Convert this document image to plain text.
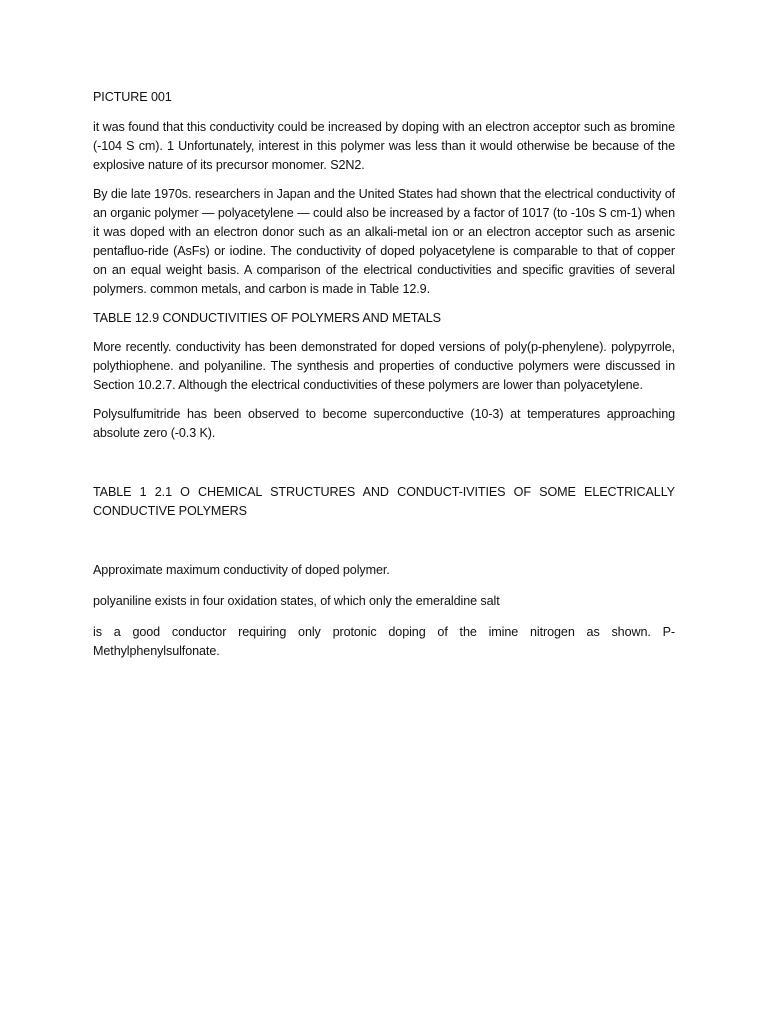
PICTURE 001

it was found that this conductivity could be increased by doping with an electron acceptor such as bromine (-104 S cm). 1 Unfortunately, interest in this polymer was less than it would otherwise be because of the explosive nature of its precursor monomer. S2N2.

By die late 1970s. researchers in Japan and the United States had shown that the electrical conductivity of an organic polymer — polyacetylene — could also be increased by a factor of 1017 (to -10s S cm-1) when it was doped with an electron donor such as an alkali-metal ion or an electron acceptor such as arsenic pentafluo-ride (AsFs) or iodine. The conductivity of doped polyacetylene is comparable to that of copper on an equal weight basis. A comparison of the electrical conductivities and specific gravities of several polymers. common metals, and carbon is made in Table 12.9.

TABLE 12.9 CONDUCTIVITIES OF POLYMERS AND METALS

More recently. conductivity has been demonstrated for doped versions of poly(p-phenylene). polypyrrole, polythiophene. and polyaniline. The synthesis and properties of conductive polymers were discussed in Section 10.2.7. Although the electrical conductivities of these polymers are lower than polyacetylene.

Polysulfumitride has been observed to become superconductive (10-3) at temperatures approaching absolute zero (-0.3 K).

TABLE 1 2.1 O CHEMICAL STRUCTURES AND CONDUCT-IVITIES OF SOME ELECTRICALLY CONDUCTIVE POLYMERS

Approximate maximum conductivity of doped polymer.

polyaniline exists in four oxidation states, of which only the emeraldine salt

is a good conductor requiring only protonic doping of the imine nitrogen as shown. P-Methylphenylsulfonate.
